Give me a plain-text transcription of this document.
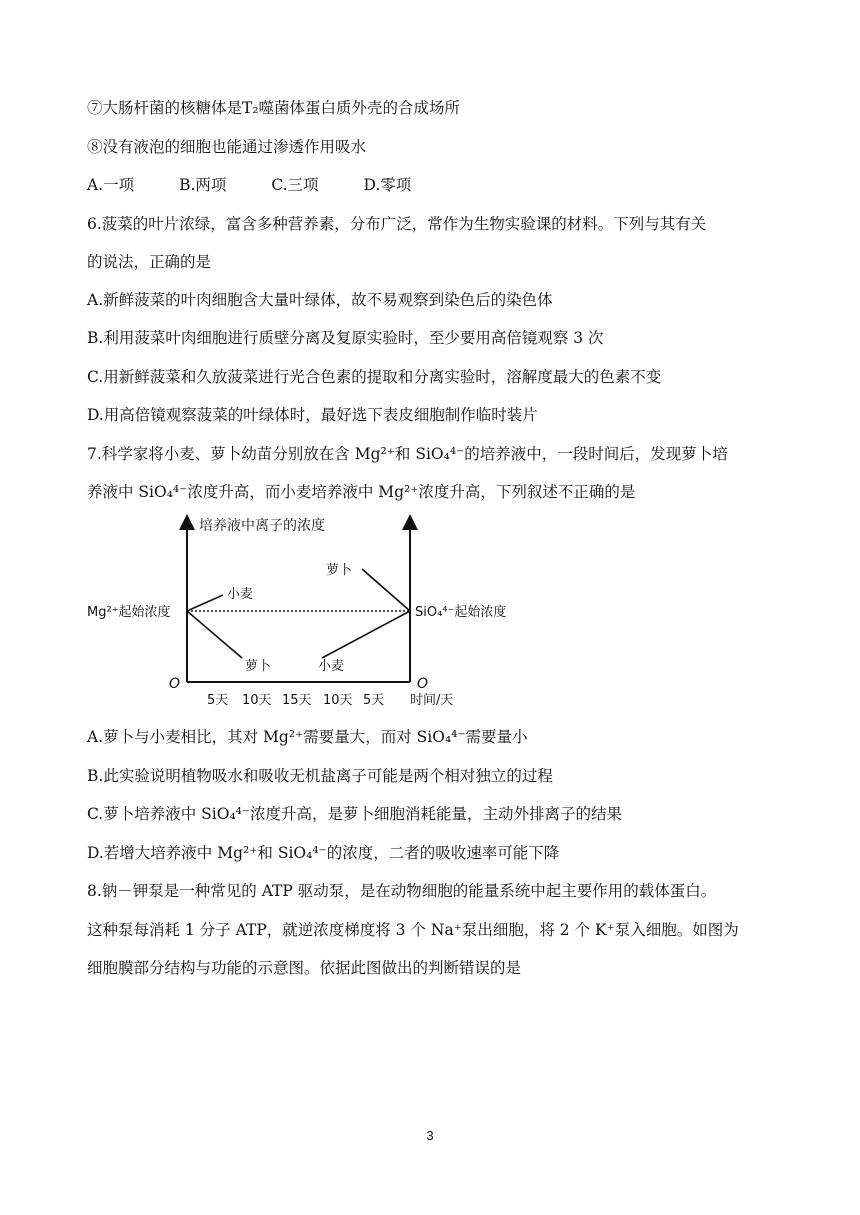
⑦大肠杆菌的核糖体是T₂噬菌体蛋白质外壳的合成场所
⑧没有液泡的细胞也能通过渗透作用吸水
A.一项	B.两项	C.三项	D.零项
6.菠菜的叶片浓绿，富含多种营养素，分布广泛，常作为生物实验课的材料。下列与其有关
的说法，正确的是
A.新鲜菠菜的叶肉细胞含大量叶绿体，故不易观察到染色后的染色体
B.利用菠菜叶肉细胞进行质壁分离及复原实验时，至少要用高倍镜观察 3 次
C.用新鲜菠菜和久放菠菜进行光合色素的提取和分离实验时，溶解度最大的色素不变
D.用高倍镜观察菠菜的叶绿体时，最好选下表皮细胞制作临时装片
7.科学家将小麦、萝卜幼苗分别放在含 Mg²⁺和 SiO₄⁴⁻的培养液中，一段时间后，发现萝卜培
养液中 SiO₄⁴⁻浓度升高，而小麦培养液中 Mg²⁺浓度升高，下列叙述不正确的是
培养液中离子的浓度
Mg²⁺起始浓度	SiO₄⁴⁻起始浓度
小麦
萝卜	小麦
萝卜
O	O
5天 10天 15天 10天 5天 时间/天
A.萝卜与小麦相比，其对 Mg²⁺需要量大，而对 SiO₄⁴⁻需要量小
B.此实验说明植物吸水和吸收无机盐离子可能是两个相对独立的过程
C.萝卜培养液中 SiO₄⁴⁻浓度升高，是萝卜细胞消耗能量，主动外排离子的结果
D.若增大培养液中 Mg²⁺和 SiO₄⁴⁻的浓度，二者的吸收速率可能下降
8.钠－钾泵是一种常见的 ATP 驱动泵，是在动物细胞的能量系统中起主要作用的载体蛋白。
这种泵每消耗 1 分子 ATP，就逆浓度梯度将 3 个 Na⁺泵出细胞，将 2 个 K⁺泵入细胞。如图为
细胞膜部分结构与功能的示意图。依据此图做出的判断错误的是
3
